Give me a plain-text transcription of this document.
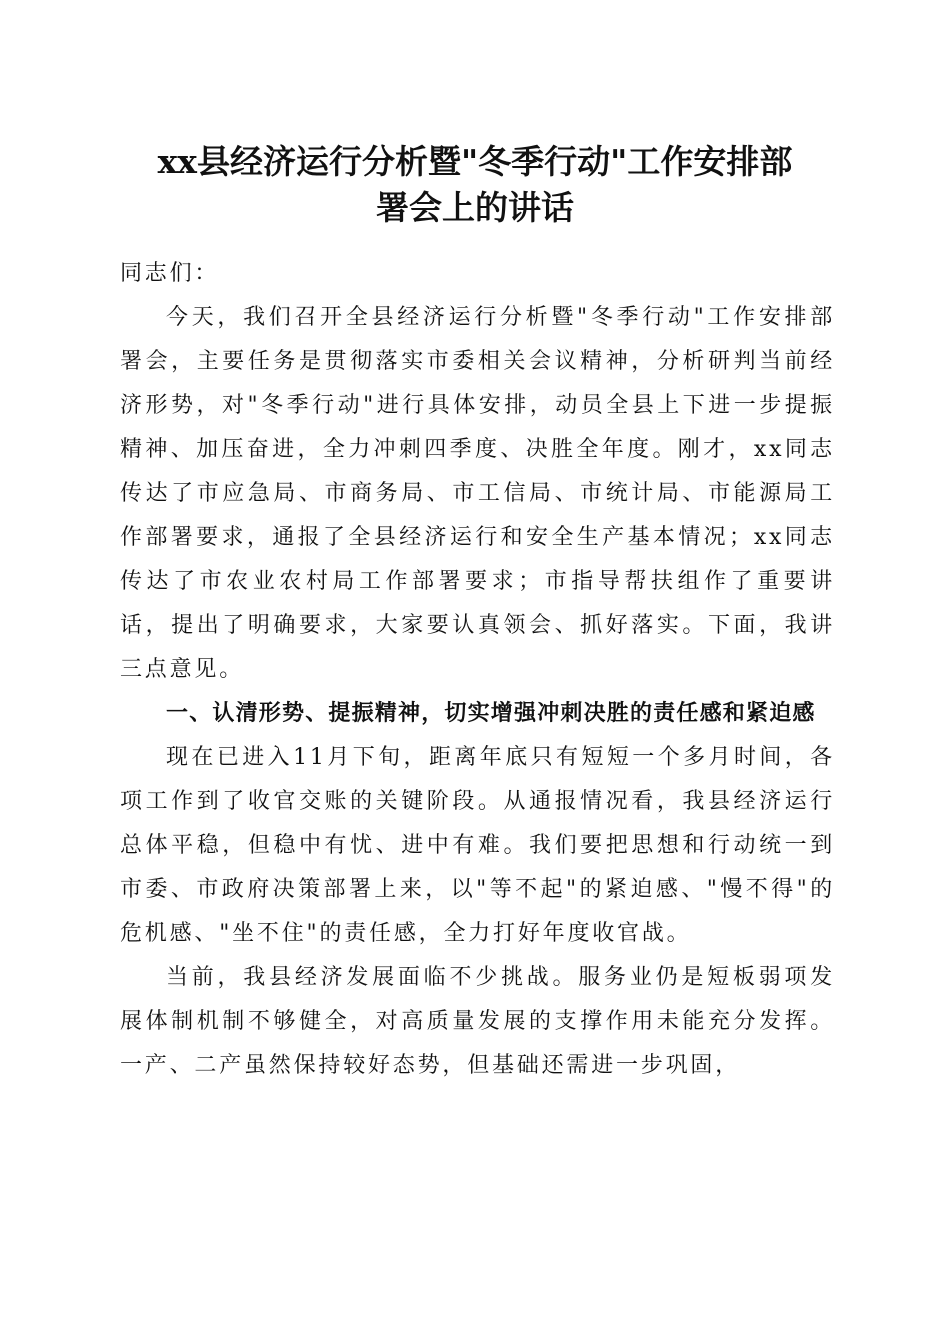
xx县经济运行分析暨"冬季行动"工作安排部
署会上的讲话

同志们：

今天，我们召开全县经济运行分析暨"冬季行动"工作安排部署会，主要任务是贯彻落实市委相关会议精神，分析研判当前经济形势，对"冬季行动"进行具体安排，动员全县上下进一步提振精神、加压奋进，全力冲刺四季度、决胜全年度。刚才，xx同志传达了市应急局、市商务局、市工信局、市统计局、市能源局工作部署要求，通报了全县经济运行和安全生产基本情况；xx同志传达了市农业农村局工作部署要求；市指导帮扶组作了重要讲话，提出了明确要求，大家要认真领会、抓好落实。下面，我讲三点意见。

一、认清形势、提振精神，切实增强冲刺决胜的责任感和紧迫感

现在已进入11月下旬，距离年底只有短短一个多月时间，各项工作到了收官交账的关键阶段。从通报情况看，我县经济运行总体平稳，但稳中有忧、进中有难。我们要把思想和行动统一到市委、市政府决策部署上来，以"等不起"的紧迫感、"慢不得"的危机感、"坐不住"的责任感，全力打好年度收官战。

当前，我县经济发展面临不少挑战。服务业仍是短板弱项发展体制机制不够健全，对高质量发展的支撑作用未能充分发挥。一产、二产虽然保持较好态势，但基础还需进一步巩固，
